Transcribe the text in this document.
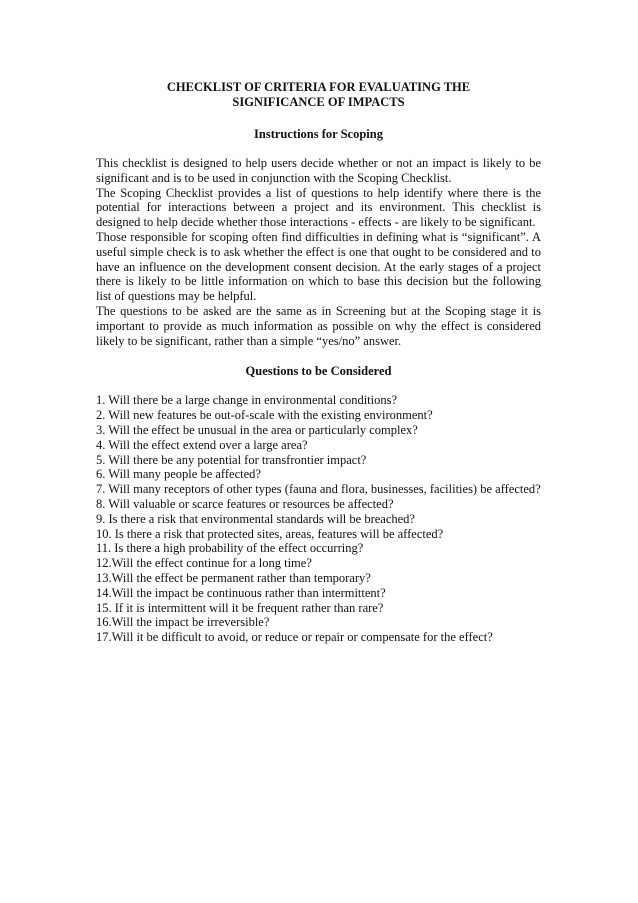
CHECKLIST OF CRITERIA FOR EVALUATING THE
SIGNIFICANCE OF IMPACTS
Instructions for Scoping

This checklist is designed to help users decide whether or not an impact is likely to be significant and is to be used in conjunction with the Scoping Checklist.

The Scoping Checklist provides a list of questions to help identify where there is the potential for interactions between a project and its environment. This checklist is designed to help decide whether those interactions - effects - are likely to be significant.

Those responsible for scoping often find difficulties in defining what is “significant”. A useful simple check is to ask whether the effect is one that ought to be considered and to have an influence on the development consent decision. At the early stages of a project there is likely to be little information on which to base this decision but the following list of questions may be helpful.

The questions to be asked are the same as in Screening but at the Scoping stage it is important to provide as much information as possible on why the effect is considered likely to be significant, rather than a simple “yes/no” answer.

Questions to be Considered
1. Will there be a large change in environmental conditions?
2. Will new features be out-of-scale with the existing environment?
3. Will the effect be unusual in the area or particularly complex?
4. Will the effect extend over a large area?
5. Will there be any potential for transfrontier impact?
6. Will many people be affected?
7. Will many receptors of other types (fauna and flora, businesses, facilities) be affected?
8. Will valuable or scarce features or resources be affected?
9. Is there a risk that environmental standards will be breached?
10. Is there a risk that protected sites, areas, features will be affected?
11. Is there a high probability of the effect occurring?
12.Will the effect continue for a long time?
13.Will the effect be permanent rather than temporary?
14.Will the impact be continuous rather than intermittent?
15. If it is intermittent will it be frequent rather than rare?
16.Will the impact be irreversible?
17.Will it be difficult to avoid, or reduce or repair or compensate for the effect?
